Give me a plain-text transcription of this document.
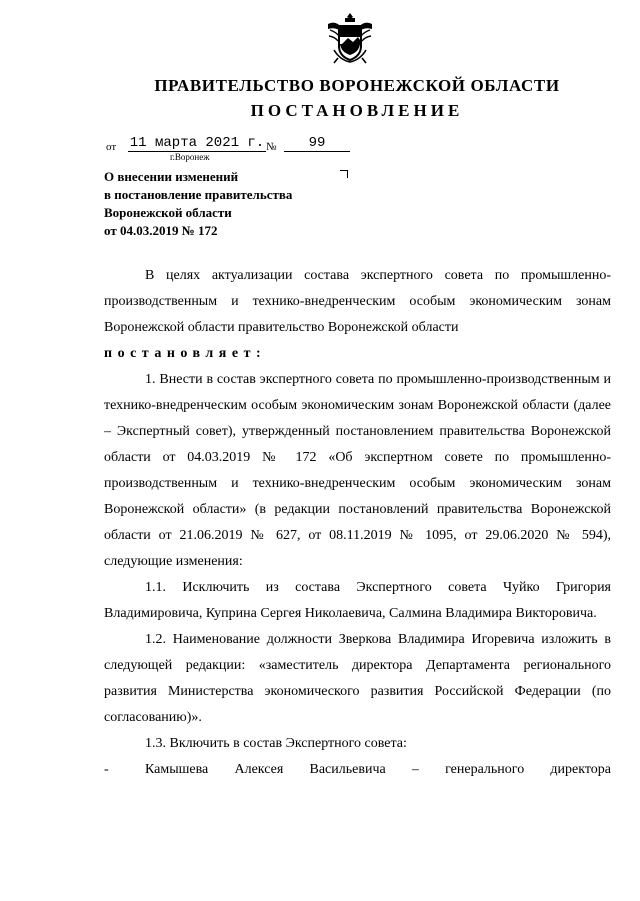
ПРАВИТЕЛЬСТВО ВОРОНЕЖСКОЙ ОБЛАСТИ
ПОСТАНОВЛЕНИЕ
от 11 марта 2021 г. №	99
г.Воронеж
О внесении изменений
в постановление правительства
Воронежской области
от 04.03.2019 № 172

В целях актуализации состава экспертного совета по промышленно-производственным и технико-внедренческим особым экономическим зонам Воронежской области правительство Воронежской области

постановляет:

1. Внести в состав экспертного совета по промышленно-производственным и технико-внедренческим особым экономическим зонам Воронежской области (далее – Экспертный совет), утвержденный постановлением правительства Воронежской области от 04.03.2019 № 172 «Об экспертном совете по промышленно-производственным и технико-внедренческим особым экономическим зонам Воронежской области» (в редакции постановлений правительства Воронежской области от 21.06.2019 № 627, от 08.11.2019 № 1095, от 29.06.2020 № 594), следующие изменения:

1.1. Исключить из состава Экспертного совета Чуйко Григория Владимировича, Куприна Сергея Николаевича, Салмина Владимира Викторовича.

1.2. Наименование должности Зверкова Владимира Игоревича изложить в следующей редакции: «заместитель директора Департамента регионального развития Министерства экономического развития Российской Федерации (по согласованию)».

1.3. Включить в состав Экспертного совета:

-	Камышева Алексея Васильевича – генерального директора
